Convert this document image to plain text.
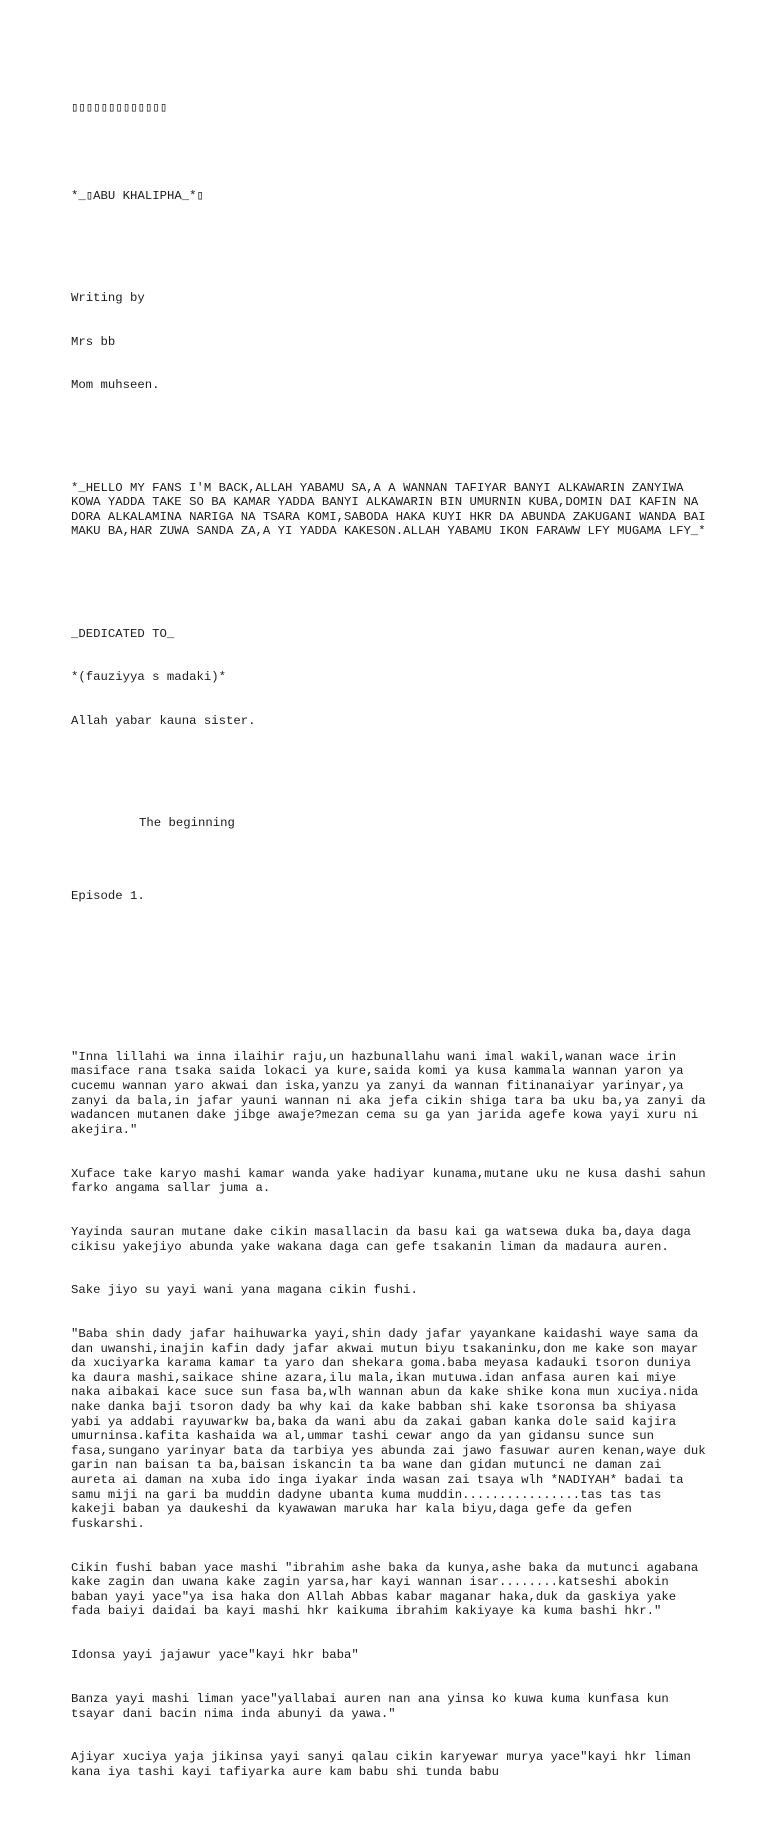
▯▯▯▯▯▯▯▯▯▯▯▯▯

*_▯ABU KHALIPHA_*▯

Writing by

Mrs bb

Mom muhseen.

*_HELLO MY FANS I'M BACK,ALLAH YABAMU SA,A A WANNAN TAFIYAR BANYI ALKAWARIN ZANYIWA KOWA YADDA TAKE SO BA KAMAR YADDA BANYI ALKAWARIN BIN UMURNIN KUBA,DOMIN DAI KAFIN NA DORA ALKALAMINA NARIGA NA TSARA KOMI,SABODA HAKA KUYI HKR DA ABUNDA ZAKUGANI WANDA BAI MAKU BA,HAR ZUWA SANDA ZA,A YI YADDA KAKESON.ALLAH YABAMU IKON FARAWW LFY MUGAMA LFY_*

_DEDICATED TO_

*(fauziyya s madaki)*

Allah yabar kauna sister.

The beginning

Episode 1.

"Inna lillahi wa inna ilaihir raju,un hazbunallahu wani imal wakil,wanan wace irin masiface rana tsaka saida lokaci ya kure,saida komi ya kusa kammala wannan yaron ya cucemu wannan yaro akwai dan iska,yanzu ya zanyi da wannan fitinanaiyar yarinyar,ya zanyi da bala,in jafar yauni wannan ni aka jefa cikin shiga tara ba uku ba,ya zanyi da wadancen mutanen dake jibge awaje?mezan cema su ga yan jarida agefe kowa yayi xuru ni akejira."

Xuface take karyo mashi kamar wanda yake hadiyar kunama,mutane uku ne kusa dashi sahun farko angama sallar juma a.

Yayinda sauran mutane dake cikin masallacin da basu kai ga watsewa duka ba,daya daga cikisu yakejiyo abunda yake wakana daga can gefe tsakanin liman da madaura auren.

Sake jiyo su yayi wani yana magana cikin fushi.

"Baba shin dady jafar haihuwarka yayi,shin dady jafar yayankane kaidashi waye sama da dan uwanshi,inajin kafin dady jafar akwai mutun biyu tsakaninku,don me kake son mayar da xuciyarka karama kamar ta yaro dan shekara goma.baba meyasa kadauki tsoron duniya ka daura mashi,saikace shine azara,ilu mala,ikan mutuwa.idan anfasa auren kai miye naka aibakai kace suce sun fasa ba,wlh wannan abun da kake shike kona mun xuciya.nida nake danka baji tsoron dady ba why kai da kake babban shi kake tsoronsa ba shiyasa yabi ya addabi rayuwarkw ba,baka da wani abu da zakai gaban kanka dole said kajira umurninsa.kafita kashaida wa al,ummar tashi cewar ango da yan gidansu sunce sun fasa,sungano yarinyar bata da tarbiya yes abunda zai jawo fasuwar auren kenan,waye duk garin nan baisan ta ba,baisan iskancin ta ba wane dan gidan mutunci ne daman zai aureta ai daman na xuba ido inga iyakar inda wasan zai tsaya wlh *NADIYAH* badai ta samu miji na gari ba muddin dadyne ubanta kuma muddin................tas tas tas kakeji baban ya daukeshi da kyawawan maruka har kala biyu,daga gefe da gefen fuskarshi.

Cikin fushi baban yace mashi "ibrahim ashe baka da kunya,ashe baka da mutunci agabana kake zagin dan uwana kake zagin yarsa,har kayi wannan isar........katseshi abokin baban yayi yace"ya isa haka don Allah Abbas kabar maganar haka,duk da gaskiya yake fada baiyi daidai ba kayi mashi hkr kaikuma ibrahim kakiyaye ka kuma bashi hkr."

Idonsa yayi jajawur yace"kayi hkr baba"

Banza yayi mashi liman yace"yallabai auren nan ana yinsa ko kuwa kuma kunfasa kun tsayar dani bacin nima inda abunyi da yawa."

Ajiyar xuciya yaja jikinsa yayi sanyi qalau cikin karyewar murya yace"kayi hkr liman kana iya tashi kayi tafiyarka aure kam babu shi tunda babu
